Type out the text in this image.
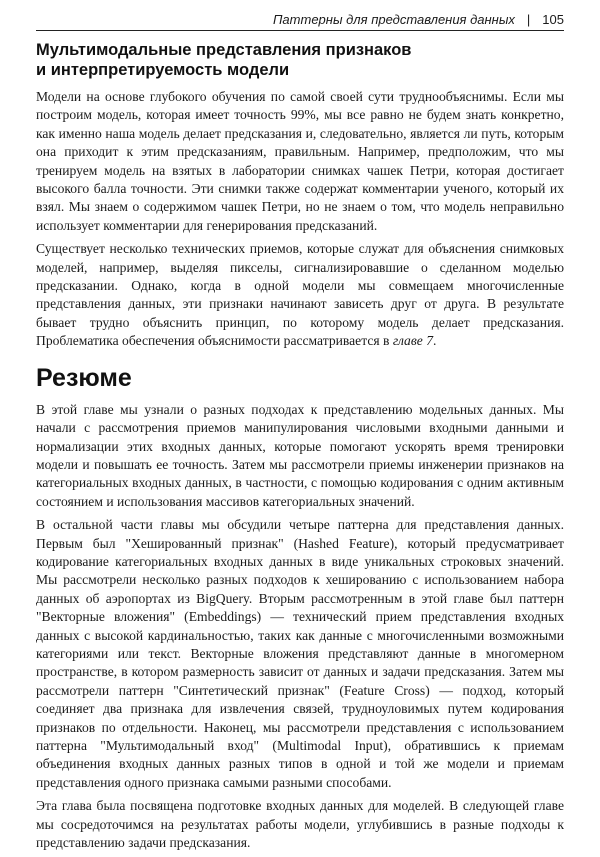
Паттерны для представления данных | 105
Мультимодальные представления признаков
и интерпретируемость модели

Модели на основе глубокого обучения по самой своей сути труднообъяснимы. Если мы построим модель, которая имеет точность 99%, мы все равно не будем знать конкретно, как именно наша модель делает предсказания и, следовательно, является ли путь, которым она приходит к этим предсказаниям, правильным. Например, предположим, что мы тренируем модель на взятых в лаборатории снимках чашек Петри, которая достигает высокого балла точности. Эти снимки также содержат комментарии ученого, который их взял. Мы знаем о содержимом чашек Петри, но не знаем о том, что модель неправильно использует комментарии для генерирования предсказаний.

Существует несколько технических приемов, которые служат для объяснения снимковых моделей, например, выделяя пикселы, сигнализировавшие о сделанном моделью предсказании. Однако, когда в одной модели мы совмещаем многочисленные представления данных, эти признаки начинают зависеть друг от друга. В результате бывает трудно объяснить принцип, по которому модель делает предсказания. Проблематика обеспечения объяснимости рассматривается в главе 7.

Резюме

В этой главе мы узнали о разных подходах к представлению модельных данных. Мы начали с рассмотрения приемов манипулирования числовыми входными данными и нормализации этих входных данных, которые помогают ускорять время тренировки модели и повышать ее точность. Затем мы рассмотрели приемы инженерии признаков на категориальных входных данных, в частности, с помощью кодирования с одним активным состоянием и использования массивов категориальных значений.

В остальной части главы мы обсудили четыре паттерна для представления данных. Первым был "Хешированный признак" (Hashed Feature), который предусматривает кодирование категориальных входных данных в виде уникальных строковых значений. Мы рассмотрели несколько разных подходов к хешированию с использованием набора данных об аэропортах из BigQuery. Вторым рассмотренным в этой главе был паттерн "Векторные вложения" (Embeddings) — технический прием представления входных данных с высокой кардинальностью, таких как данные с многочисленными возможными категориями или текст. Векторные вложения представляют данные в многомерном пространстве, в котором размерность зависит от данных и задачи предсказания. Затем мы рассмотрели паттерн "Синтетический признак" (Feature Cross) — подход, который соединяет два признака для извлечения связей, трудноуловимых путем кодирования признаков по отдельности. Наконец, мы рассмотрели представления с использованием паттерна "Мультимодальный вход" (Multimodal Input), обратившись к приемам объединения входных данных разных типов в одной и той же модели и приемам представления одного признака самыми разными способами.

Эта глава была посвящена подготовке входных данных для моделей. В следующей главе мы сосредоточимся на результатах работы модели, углубившись в разные подходы к представлению задачи предсказания.
